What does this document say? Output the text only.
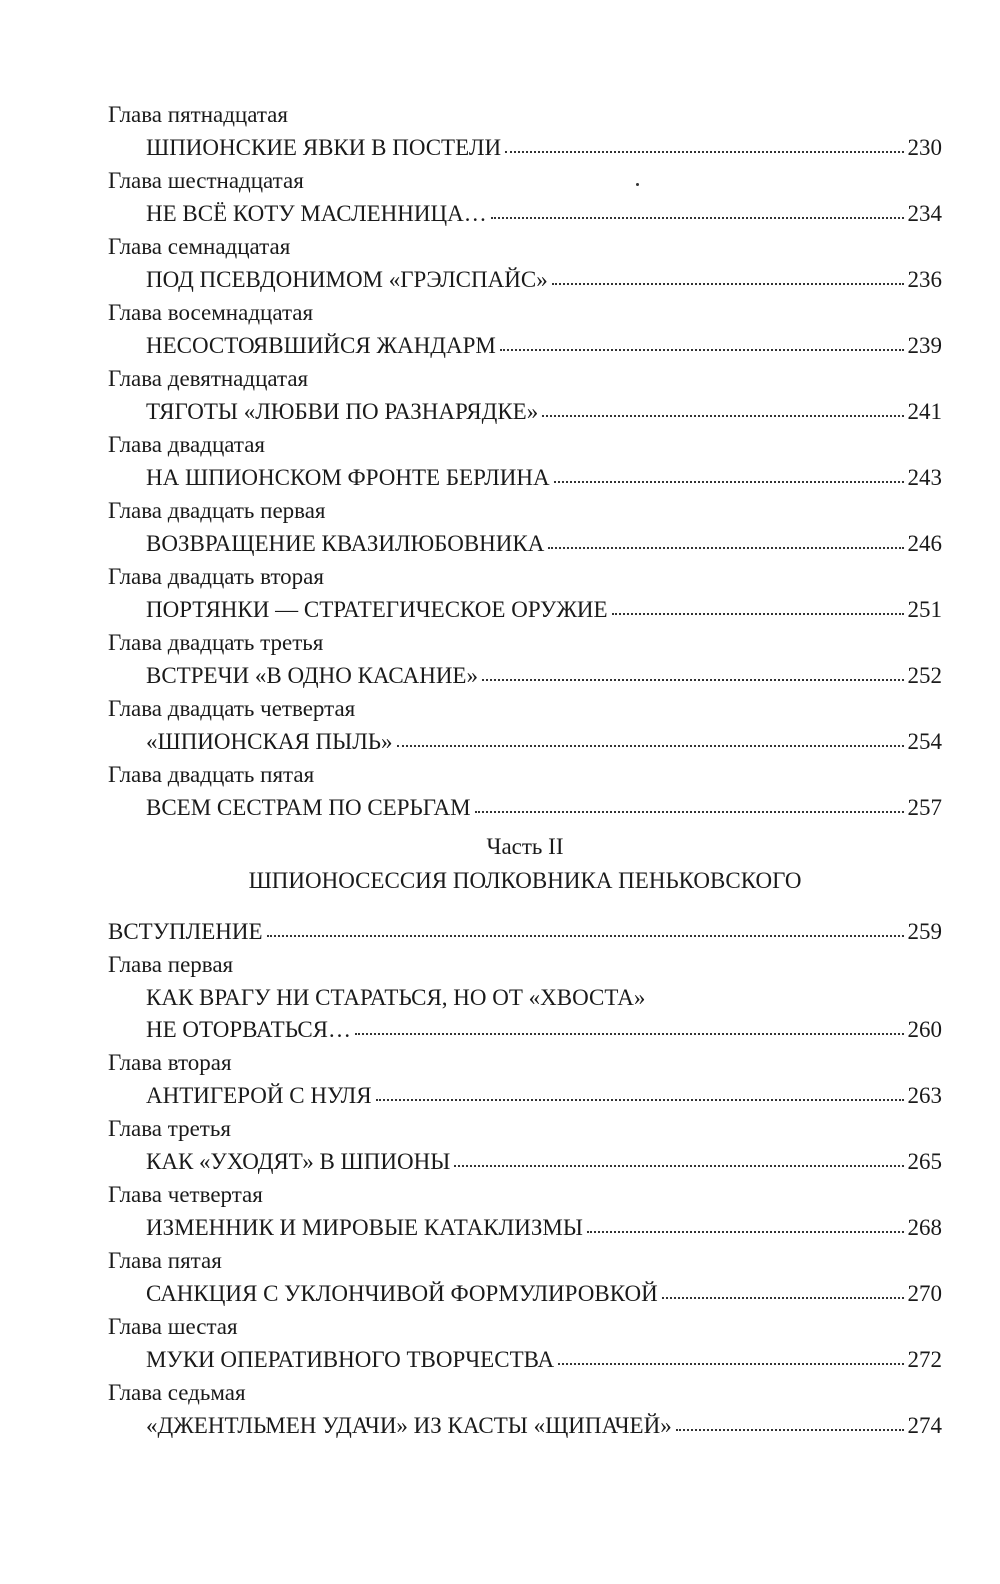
Глава пятнадцатая
ШПИОНСКИЕ ЯВКИ В ПОСТЕЛИ	230
Глава шестнадцатая
НЕ ВСЁ КОТУ МАСЛЕННИЦА…	234
Глава семнадцатая
ПОД ПСЕВДОНИМОМ «ГРЭЛСПАЙС»	236
Глава восемнадцатая
НЕСОСТОЯВШИЙСЯ ЖАНДАРМ	239
Глава девятнадцатая
ТЯГОТЫ «ЛЮБВИ ПО РАЗНАРЯДКЕ»	241
Глава двадцатая
НА ШПИОНСКОМ ФРОНТЕ БЕРЛИНА	243
Глава двадцать первая
ВОЗВРАЩЕНИЕ КВАЗИЛЮБОВНИКА	246
Глава двадцать вторая
ПОРТЯНКИ — СТРАТЕГИЧЕСКОЕ ОРУЖИЕ	251
Глава двадцать третья
ВСТРЕЧИ «В ОДНО КАСАНИЕ»	252
Глава двадцать четвертая
«ШПИОНСКАЯ ПЫЛЬ»	254
Глава двадцать пятая
ВСЕМ СЕСТРАМ ПО СЕРЬГАМ	257
Часть II
ШПИОНОСЕССИЯ ПОЛКОВНИКА ПЕНЬКОВСКОГО
ВСТУПЛЕНИЕ	259
Глава первая
КАК ВРАГУ НИ СТАРАТЬСЯ, НО ОТ «ХВОСТА»
НЕ ОТОРВАТЬСЯ…	260
Глава вторая
АНТИГЕРОЙ С НУЛЯ	263
Глава третья
КАК «УХОДЯТ» В ШПИОНЫ	265
Глава четвертая
ИЗМЕННИК И МИРОВЫЕ КАТАКЛИЗМЫ	268
Глава пятая
САНКЦИЯ С УКЛОНЧИВОЙ ФОРМУЛИРОВКОЙ	270
Глава шестая
МУКИ ОПЕРАТИВНОГО ТВОРЧЕСТВА	272
Глава седьмая
«ДЖЕНТЛЬМЕН УДАЧИ» ИЗ КАСТЫ «ЩИПАЧЕЙ»	274
